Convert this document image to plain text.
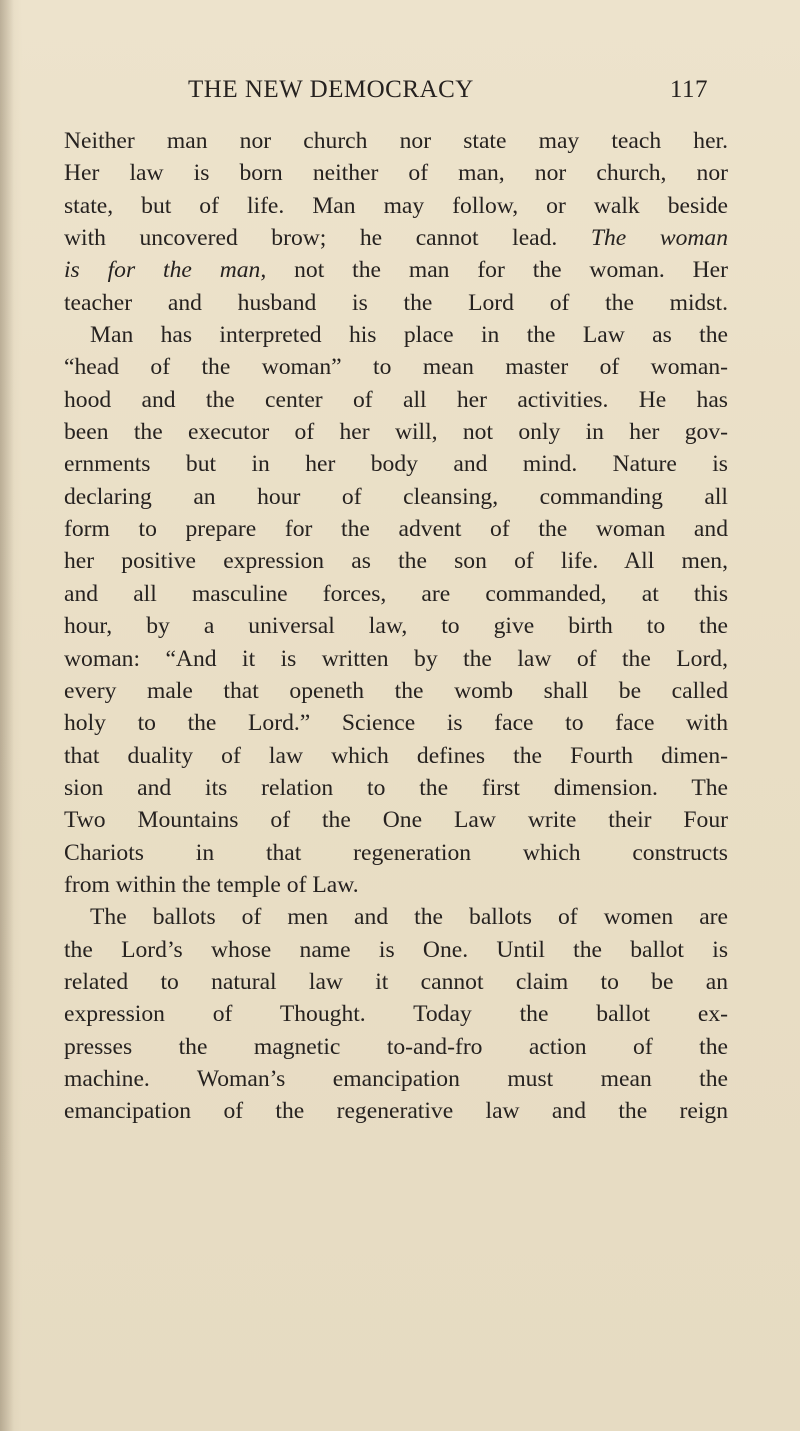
THE NEW DEMOCRACY	117
Neither man nor church nor state may teach her.
Her law is born neither of man, nor church, nor
state, but of life. Man may follow, or walk beside
with uncovered brow; he cannot lead. The woman
is for the man, not the man for the woman. Her
teacher and husband is the Lord of the midst.
Man has interpreted his place in the Law as the
“head of the woman” to mean master of woman-
hood and the center of all her activities. He has
been the executor of her will, not only in her gov-
ernments but in her body and mind. Nature is
declaring an hour of cleansing, commanding all
form to prepare for the advent of the woman and
her positive expression as the son of life. All men,
and all masculine forces, are commanded, at this
hour, by a universal law, to give birth to the
woman: “And it is written by the law of the Lord,
every male that openeth the womb shall be called
holy to the Lord.” Science is face to face with
that duality of law which defines the Fourth dimen-
sion and its relation to the first dimension. The
Two Mountains of the One Law write their Four
Chariots in that regeneration which constructs
from within the temple of Law.
The ballots of men and the ballots of women are
the Lord’s whose name is One. Until the ballot is
related to natural law it cannot claim to be an
expression of Thought. Today the ballot ex-
presses the magnetic to-and-fro action of the
machine. Woman’s emancipation must mean the
emancipation of the regenerative law and the reign
